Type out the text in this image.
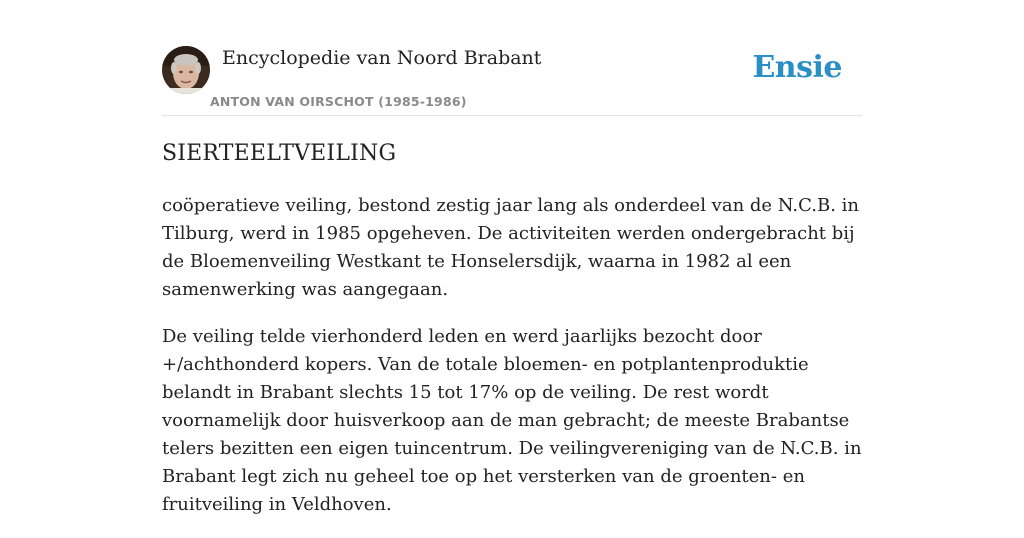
Encyclopedie van Noord Brabant
ANTON VAN OIRSCHOT (1985-1986)
Ensie
SIERTEELTVEILING

coöperatieve veiling, bestond zestig jaar lang als onderdeel van de N.C.B. in Tilburg, werd in 1985 opgeheven. De activiteiten werden ondergebracht bij de Bloemenveiling Westkant te Honselersdijk, waarna in 1982 al een samenwerking was aangegaan.

De veiling telde vierhonderd leden en werd jaarlijks bezocht door +/achthonderd kopers. Van de totale bloemen- en potplantenproduktie belandt in Brabant slechts 15 tot 17% op de veiling. De rest wordt voornamelijk door huisverkoop aan de man gebracht; de meeste Brabantse telers bezitten een eigen tuincentrum. De veilingvereniging van de N.C.B. in Brabant legt zich nu geheel toe op het versterken van de groenten- en fruitveiling in Veldhoven.
